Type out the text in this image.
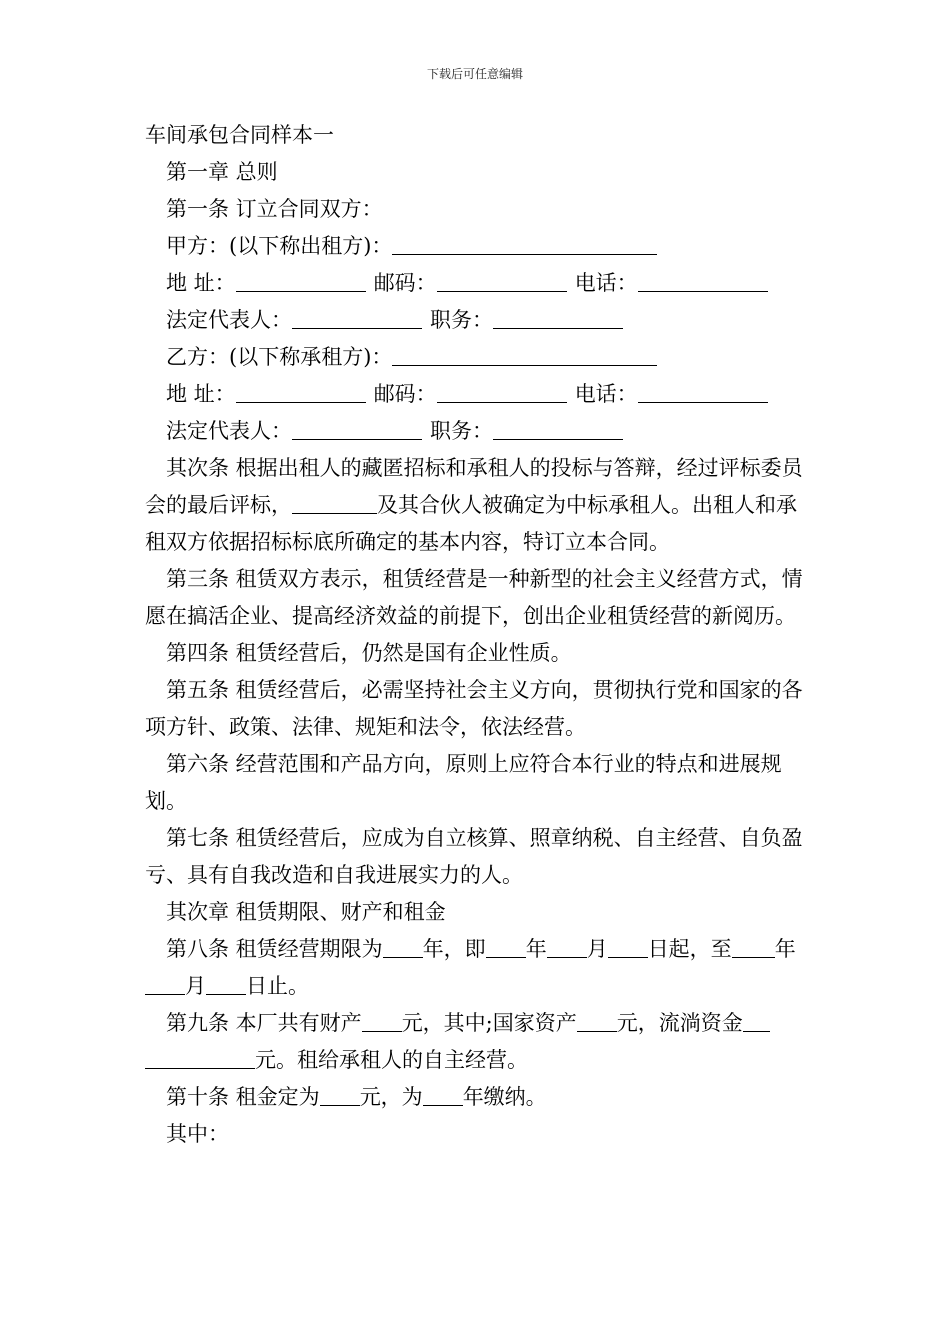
下载后可任意编辑
车间承包合同样本一
第一章 总则
第一条 订立合同双方：
甲方：(以下称出租方)：
地 址：	邮码：	电话：
法定代表人：	职务：
乙方：(以下称承租方)：
地 址：	邮码：	电话：
法定代表人：	职务：
其次条 根据出租人的藏匿招标和承租人的投标与答辩，经过评标委员会的最后评标，	及其合伙人被确定为中标承租人。出租人和承租双方依据招标标底所确定的基本内容，特订立本合同。
第三条 租赁双方表示，租赁经营是一种新型的社会主义经营方式，情愿在搞活企业、提高经济效益的前提下，创出企业租赁经营的新阅历。
第四条 租赁经营后，仍然是国有企业性质。
第五条 租赁经营后，必需坚持社会主义方向，贯彻执行党和国家的各项方针、政策、法律、规矩和法令，依法经营。
第六条 经营范围和产品方向，原则上应符合本行业的特点和进展规划。
第七条 租赁经营后，应成为自立核算、照章纳税、自主经营、自负盈亏、具有自我改造和自我进展实力的人。
其次章 租赁期限、财产和租金
第八条 租赁经营期限为 年，即 年 月 日起，至 年月 日止。
第九条 本厂共有财产 元，其中;国家资产 元，流淌资金元。租给承租人的自主经营。
第十条 租金定为 元，为 年缴纳。
其中：
